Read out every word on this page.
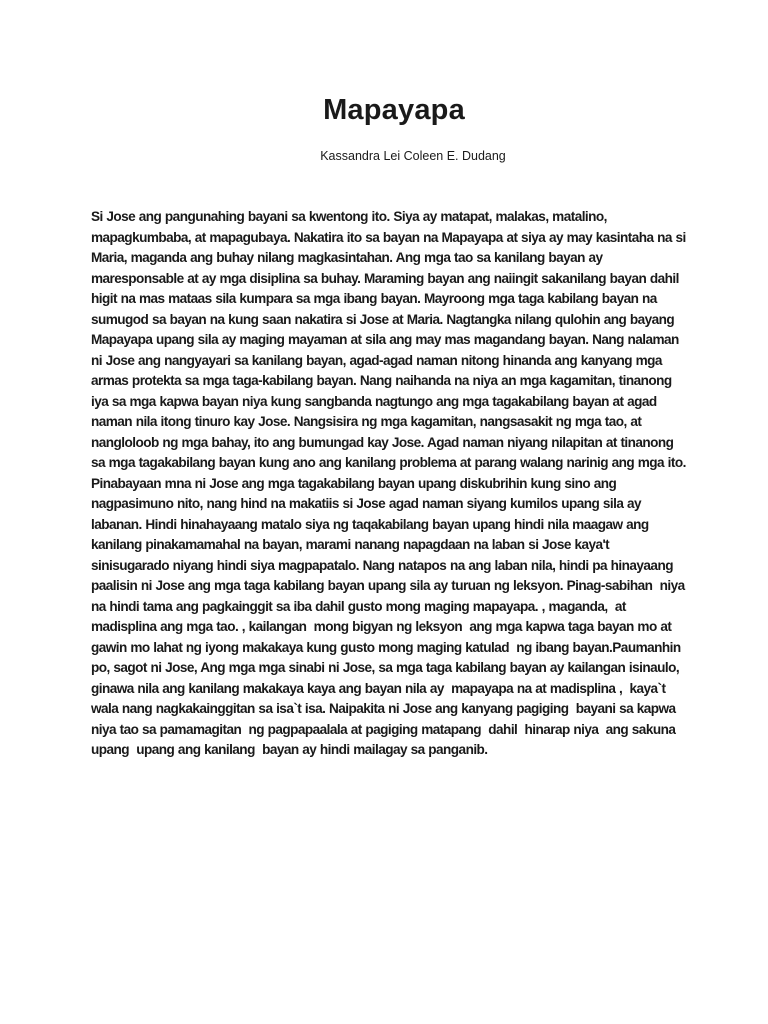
Mapayapa

Kassandra Lei Coleen E. Dudang

Si Jose ang pangunahing bayani sa kwentong ito. Siya ay matapat, malakas, matalino, mapagkumbaba, at mapagubaya. Nakatira ito sa bayan na Mapayapa at siya ay may kasintaha na si Maria, maganda ang buhay nilang magkasintahan. Ang mga tao sa kanilang bayan ay maresponsable at ay mga disiplina sa buhay. Maraming bayan ang naiingit sakanilang bayan dahil higit na mas mataas sila kumpara sa mga ibang bayan. Mayroong mga taga kabilang bayan na sumugod sa bayan na kung saan nakatira si Jose at Maria. Nagtangka nilang qulohin ang bayang Mapayapa upang sila ay maging mayaman at sila ang may mas magandang bayan. Nang nalaman ni Jose ang nangyayari sa kanilang bayan, agad-agad naman nitong hinanda ang kanyang mga armas protekta sa mga taga-kabilang bayan. Nang naihanda na niya an mga kagamitan, tinanong iya sa mga kapwa bayan niya kung sangbanda nagtungo ang mga tagakabilang bayan at agad naman nila itong tinuro kay Jose. Nangsisira ng mga kagamitan, nangsasakit ng mga tao, at nangloloob ng mga bahay, ito ang bumungad kay Jose. Agad naman niyang nilapitan at tinanong sa mga tagakabilang bayan kung ano ang kanilang problema at parang walang narinig ang mga ito. Pinabayaan mna ni Jose ang mga tagakabilang bayan upang diskubrihin kung sino ang nagpasimuno nito, nang hind na makatiis si Jose agad naman siyang kumilos upang sila ay labanan. Hindi hinahayaang matalo siya ng taqakabilang bayan upang hindi nila maagaw ang kanilang pinakamamahal na bayan, marami nanang napagdaan na laban si Jose kaya't sinisugarado niyang hindi siya magpapatalo. Nang natapos na ang laban nila, hindi pa hinayaang paalisin ni Jose ang mga taga kabilang bayan upang sila ay turuan ng leksyon. Pinag-sabihan  niya na hindi tama ang pagkainggit sa iba dahil gusto mong maging mapayapa. , maganda,  at madisplina ang mga tao. , kailangan  mong bigyan ng leksyon  ang mga kapwa taga bayan mo at gawin mo lahat ng iyong makakaya kung gusto mong maging katulad  ng ibang bayan.Paumanhin po, sagot ni Jose, Ang mga mga sinabi ni Jose, sa mga taga kabilang bayan ay kailangan isinaulo, ginawa nila ang kanilang makakaya kaya ang bayan nila ay  mapayapa na at madisplina ,  kaya`t wala nang nagkakainggitan sa isa`t isa. Naipakita ni Jose ang kanyang pagiging  bayani sa kapwa niya tao sa pamamagitan  ng pagpapaalala at pagiging matapang  dahil  hinarap niya  ang sakuna upang  upang ang kanilang  bayan ay hindi mailagay sa panganib.
